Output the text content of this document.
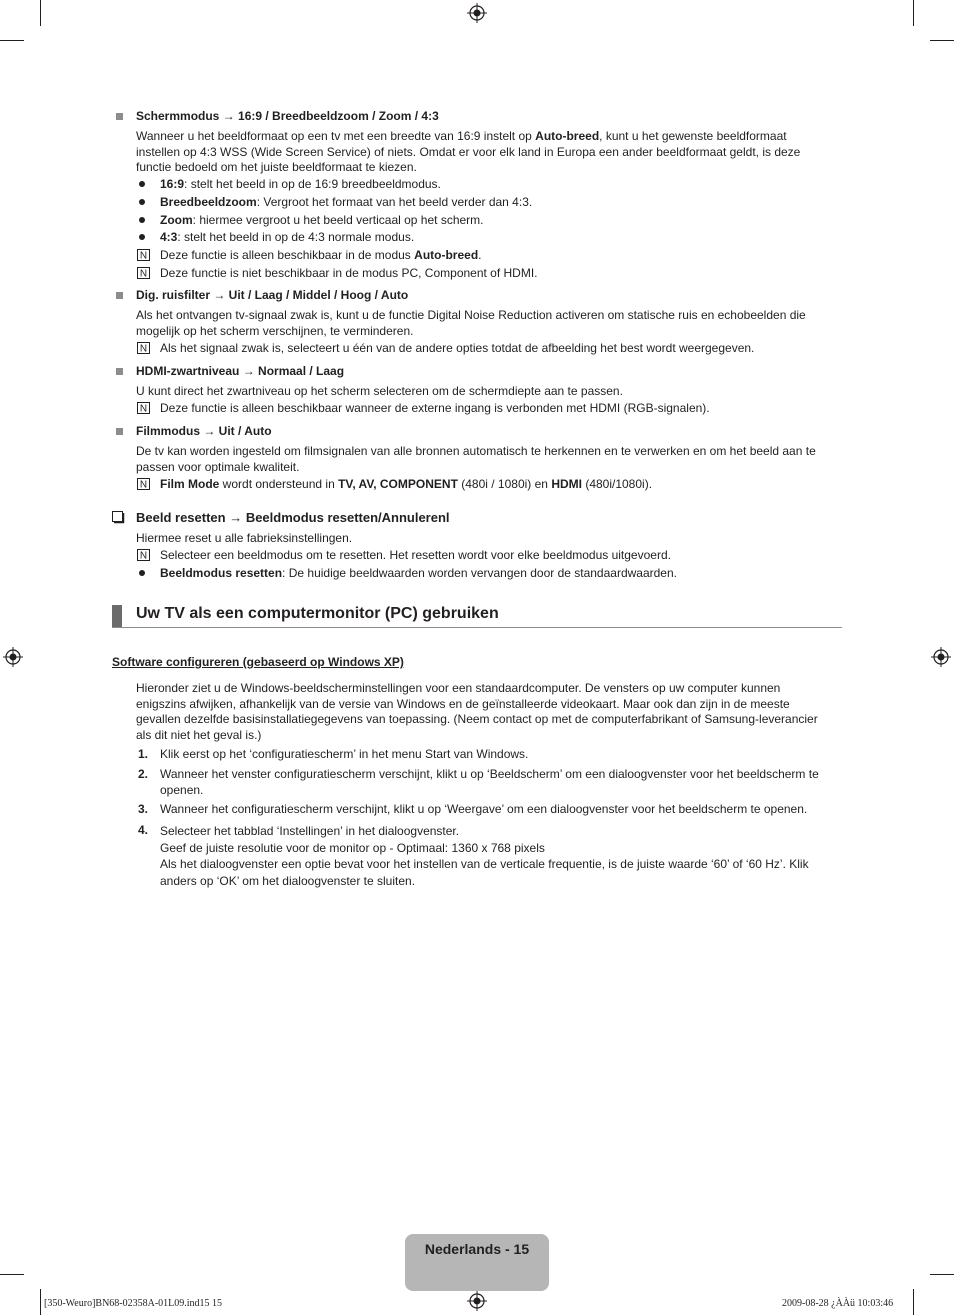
Schermmodus → 16:9 / Breedbeeldzoom / Zoom / 4:3
Wanneer u het beeldformaat op een tv met een breedte van 16:9 instelt op Auto-breed, kunt u het gewenste beeldformaat
instellen op 4:3 WSS (Wide Screen Service) of niets. Omdat er voor elk land in Europa een ander beeldformaat geldt, is deze
functie bedoeld om het juiste beeldformaat te kiezen.
16:9: stelt het beeld in op de 16:9 breedbeeldmodus.
Breedbeeldzoom: Vergroot het formaat van het beeld verder dan 4:3.
Zoom: hiermee vergroot u het beeld verticaal op het scherm.
4:3: stelt het beeld in op de 4:3 normale modus.
N Deze functie is alleen beschikbaar in de modus Auto-breed.
N Deze functie is niet beschikbaar in de modus PC, Component of HDMI.
Dig. ruisfilter → Uit / Laag / Middel / Hoog / Auto
Als het ontvangen tv-signaal zwak is, kunt u de functie Digital Noise Reduction activeren om statische ruis en echobeelden die
mogelijk op het scherm verschijnen, te verminderen.
N Als het signaal zwak is, selecteert u één van de andere opties totdat de afbeelding het best wordt weergegeven.
HDMI-zwartniveau → Normaal / Laag
U kunt direct het zwartniveau op het scherm selecteren om de schermdiepte aan te passen.
N Deze functie is alleen beschikbaar wanneer de externe ingang is verbonden met HDMI (RGB-signalen).
Filmmodus → Uit / Auto
De tv kan worden ingesteld om filmsignalen van alle bronnen automatisch te herkennen en te verwerken en om het beeld aan te
passen voor optimale kwaliteit.
N Film Mode wordt ondersteund in TV, AV, COMPONENT (480i / 1080i) en HDMI (480i/1080i).
Beeld resetten → Beeldmodus resetten/Annulerenl
Hiermee reset u alle fabrieksinstellingen.
N Selecteer een beeldmodus om te resetten. Het resetten wordt voor elke beeldmodus uitgevoerd.
Beeldmodus resetten: De huidige beeldwaarden worden vervangen door de standaardwaarden.
Uw TV als een computermonitor (PC) gebruiken
Software configureren (gebaseerd op Windows XP)
Hieronder ziet u de Windows-beeldscherminstellingen voor een standaardcomputer. De vensters op uw computer kunnen
enigszins afwijken, afhankelijk van de versie van Windows en de geïnstalleerde videokaart. Maar ook dan zijn in de meeste
gevallen dezelfde basisinstallatiegegevens van toepassing. (Neem contact op met de computerfabrikant of Samsung-leverancier
als dit niet het geval is.)
1. Klik eerst op het ‘configuratiescherm’ in het menu Start van Windows.
2. Wanneer het venster configuratiescherm verschijnt, klikt u op ‘Beeldscherm’ om een dialoogvenster voor het beeldscherm te
openen.
3. Wanneer het configuratiescherm verschijnt, klikt u op ‘Weergave’ om een dialoogvenster voor het beeldscherm te openen.
4. Selecteer het tabblad ‘Instellingen’ in het dialoogvenster.
Geef de juiste resolutie voor de monitor op - Optimaal: 1360 x 768 pixels
Als het dialoogvenster een optie bevat voor het instellen van de verticale frequentie, is de juiste waarde ‘60’ of ‘60 Hz’. Klik
anders op ‘OK’ om het dialoogvenster te sluiten.
Nederlands - 15
[350-Weuro]BN68-02358A-01L09.ind15 15	2009-08-28 ¿ÀÀü 10:03:46
